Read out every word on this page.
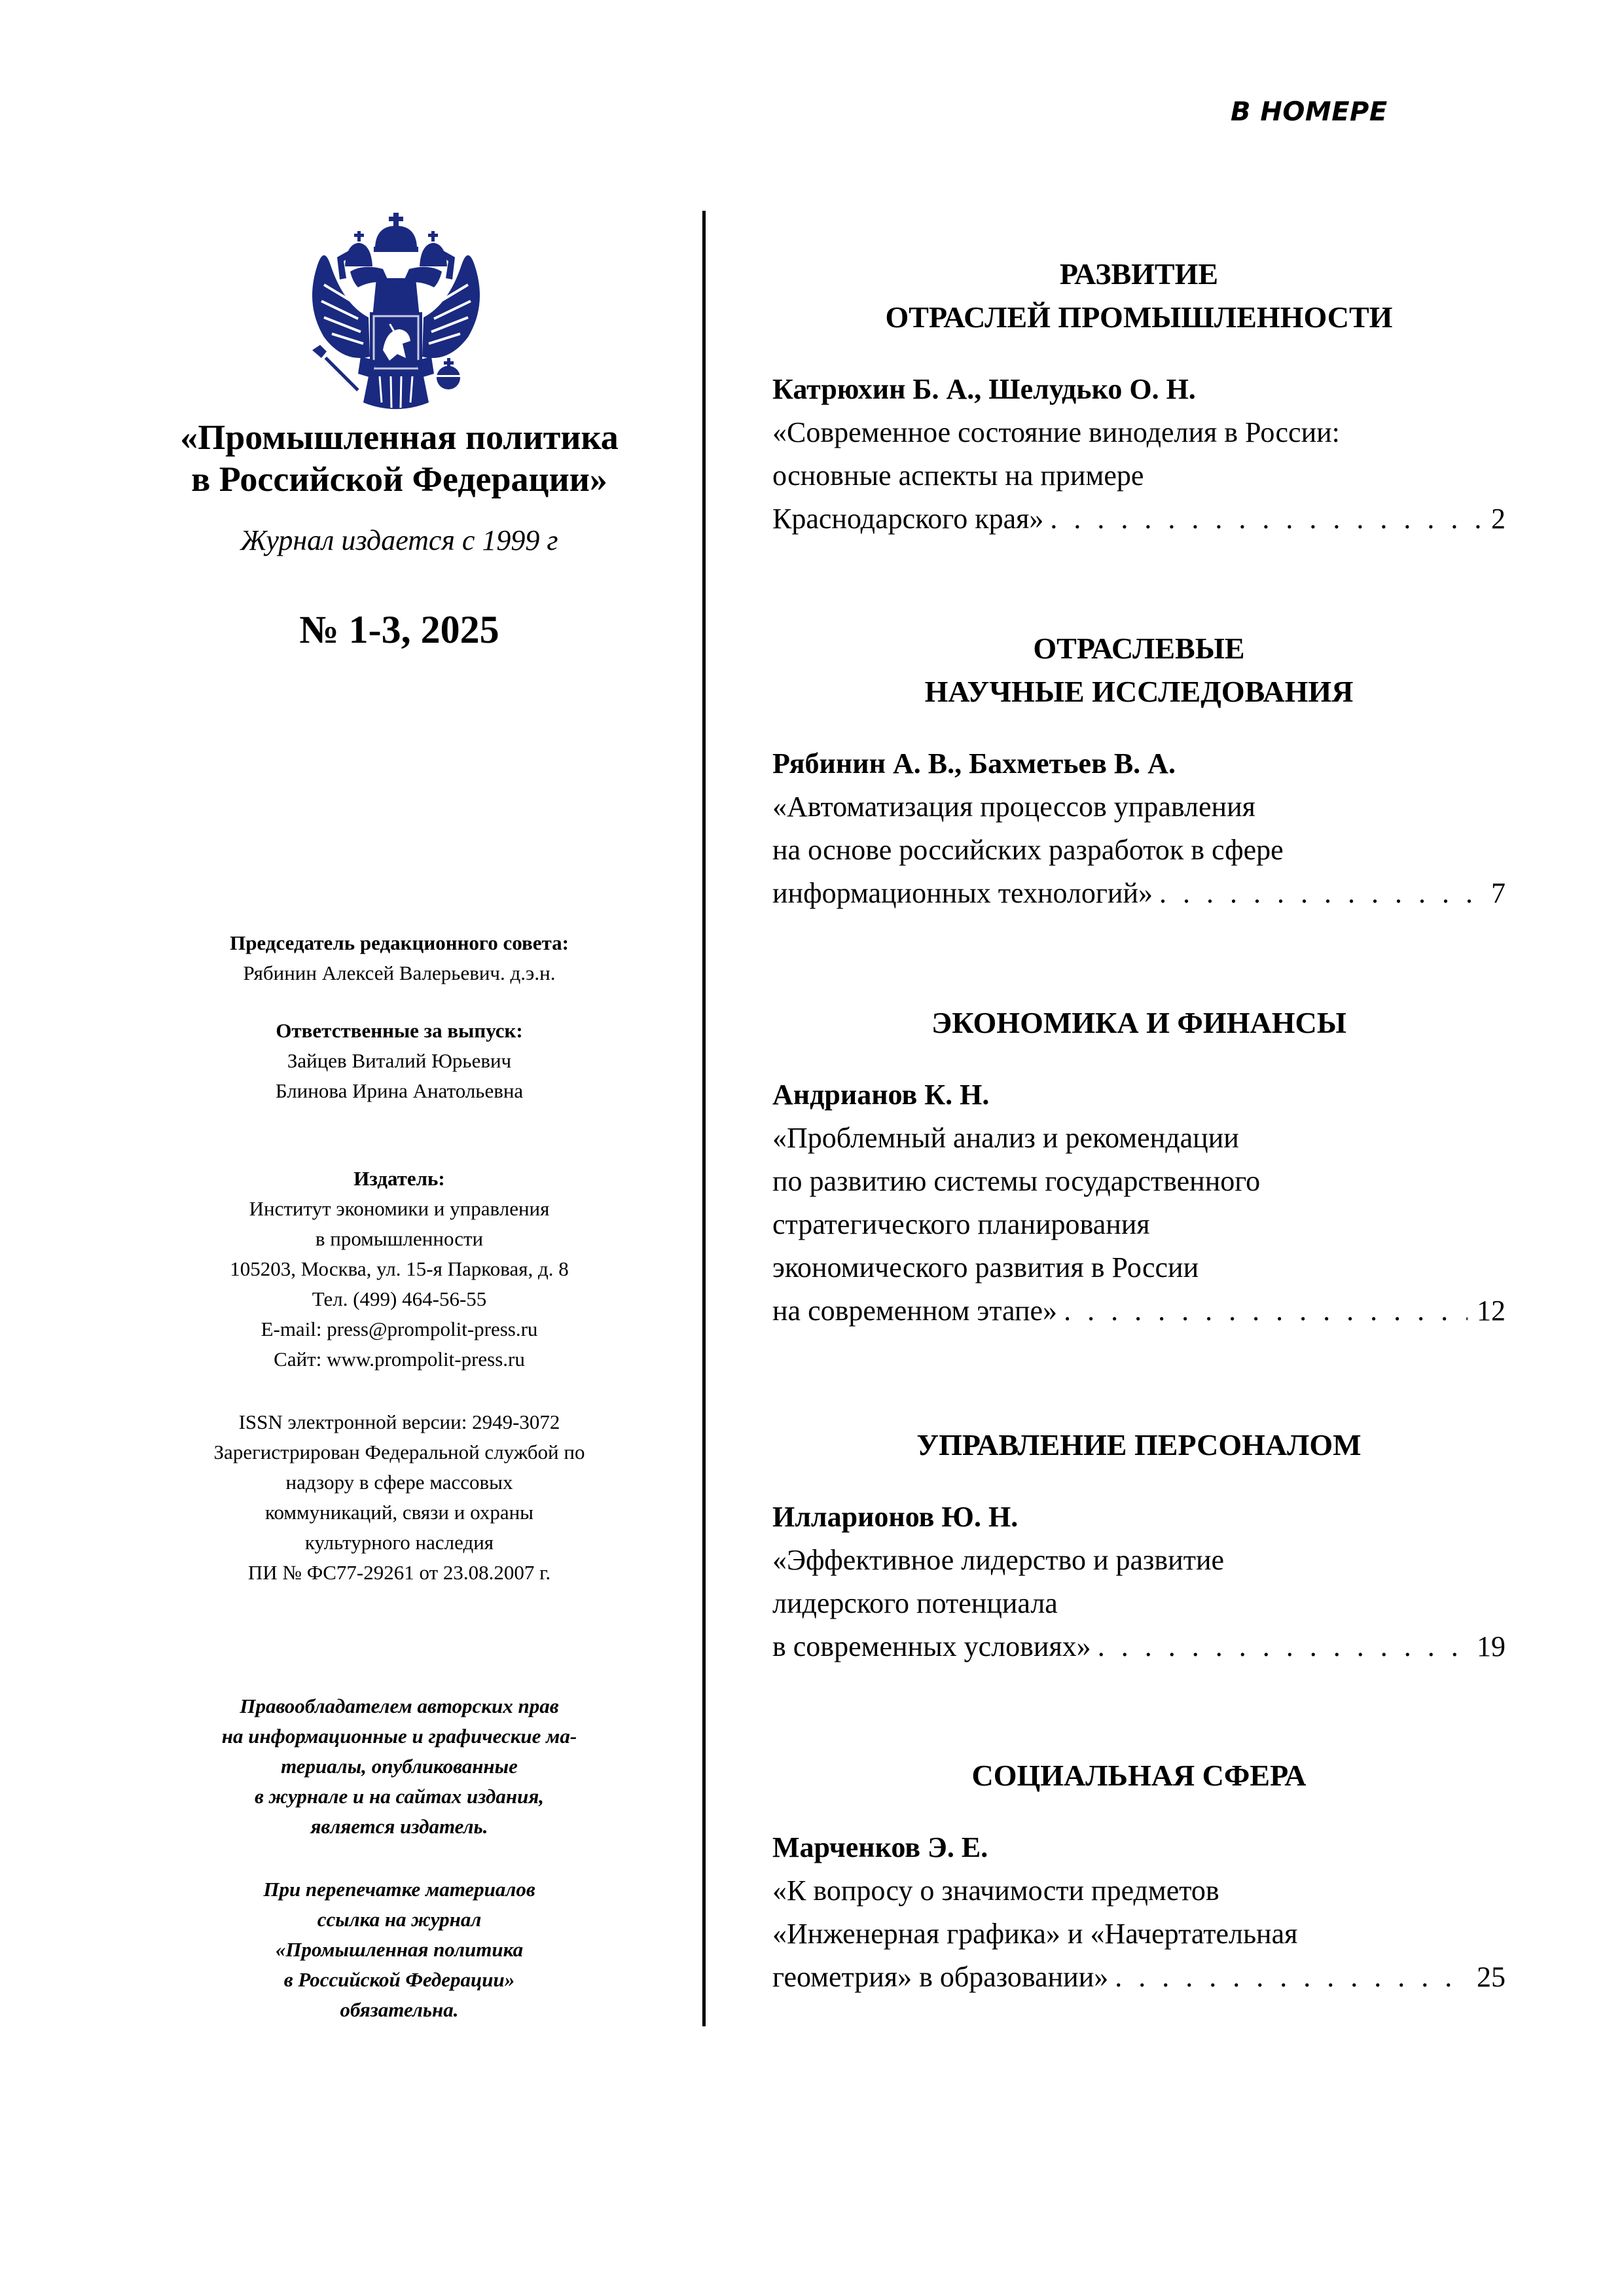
В НОМЕРЕ
«Промышленная политика
в Российской Федерации»
Журнал издается с 1999 г
№ 1-3, 2025
Председатель редакционного совета:
Рябинин Алексей Валерьевич. д.э.н.
Ответственные за выпуск:
Зайцев Виталий Юрьевич
Блинова Ирина Анатольевна
Издатель:
Институт экономики и управления
в промышленности
105203, Москва, ул. 15-я Парковая, д. 8
Тел. (499) 464-56-55
E-mail: press@prompolit-press.ru
Сайт: www.prompolit-press.ru
ISSN электронной версии: 2949-3072
Зарегистрирован Федеральной службой по
надзору в сфере массовых
коммуникаций, связи и охраны
культурного наследия
ПИ № ФС77-29261 от 23.08.2007 г.
Правообладателем авторских прав
на информационные и графические ма-
териалы, опубликованные
в журнале и на сайтах издания,
является издатель.
При перепечатке материалов
ссылка на журнал
«Промышленная политика
в Российской Федерации»
обязательна.
РАЗВИТИЕ
ОТРАСЛЕЙ ПРОМЫШЛЕННОСТИ
Катрюхин Б. А., Шелудько О. Н.
«Современное состояние виноделия в России:
основные аспекты на примере
Краснодарского края» . . .	2
ОТРАСЛЕВЫЕ
НАУЧНЫЕ ИССЛЕДОВАНИЯ
Рябинин А. В., Бахметьев В. А.
«Автоматизация процессов управления
на основе российских разработок в сфере
информационных технологий» . . .	7
ЭКОНОМИКА И ФИНАНСЫ
Андрианов К. Н.
«Проблемный анализ и рекомендации
по развитию системы государственного
стратегического планирования
экономического развития в России
на современном этапе» . . .	12
УПРАВЛЕНИЕ ПЕРСОНАЛОМ
Илларионов Ю. Н.
«Эффективное лидерство и развитие
лидерского потенциала
в современных условиях» . . .	19
СОЦИАЛЬНАЯ СФЕРА
Марченков Э. Е.
«К вопросу о значимости предметов
«Инженерная графика» и «Начертательная
геометрия» в образовании» . . .	25
